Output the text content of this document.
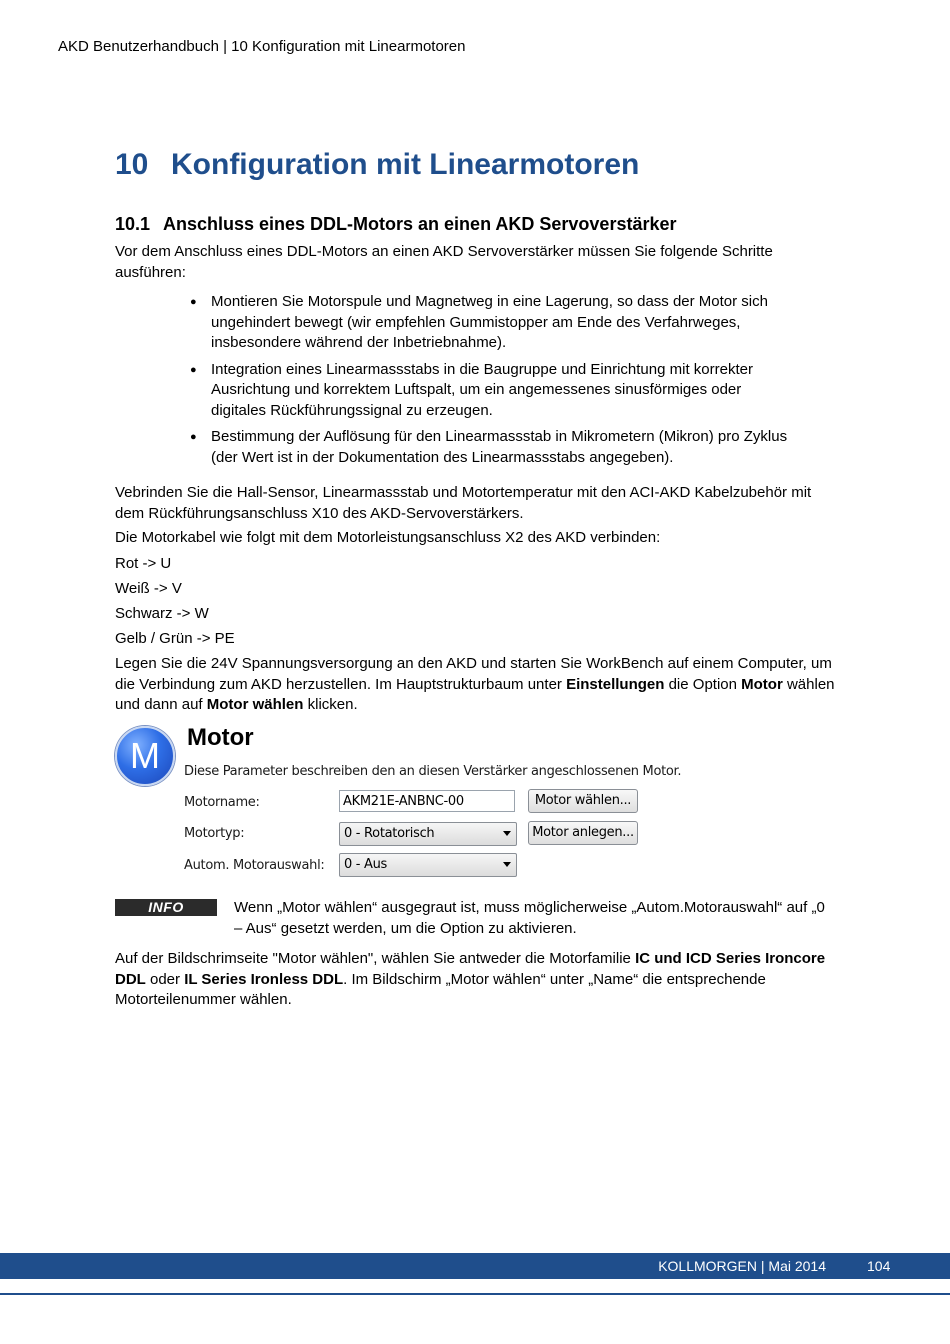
AKD Benutzerhandbuch | 10 Konfiguration mit Linearmotoren
10 Konfiguration mit Linearmotoren
10.1 Anschluss eines DDL-Motors an einen AKD Servoverstärker

Vor dem Anschluss eines DDL-Motors an einen AKD Servoverstärker müssen Sie folgende Schritte ausführen:

● Montieren Sie Motorspule und Magnetweg in eine Lagerung, so dass der Motor sich ungehindert bewegt (wir empfehlen Gummistopper am Ende des Verfahrweges, insbesondere während der Inbetriebnahme).
● Integration eines Linearmassstabs in die Baugruppe und Einrichtung mit korrekter Ausrichtung und korrektem Luftspalt, um ein angemessenes sinusförmiges oder digitales Rückführungssignal zu erzeugen.
● Bestimmung der Auflösung für den Linearmassstab in Mikrometern (Mikron) pro Zyklus (der Wert ist in der Dokumentation des Linearmassstabs angegeben).

Vebrinden Sie die Hall-Sensor, Linearmassstab und Motortemperatur mit den ACI-AKD Kabelzubehör mit dem Rückführungsanschluss X10 des AKD-Servoverstärkers.

Die Motorkabel wie folgt mit dem Motorleistungsanschluss X2 des AKD verbinden:

Rot -> U

Weiß -> V

Schwarz -> W

Gelb / Grün -> PE

Legen Sie die 24V Spannungsversorgung an den AKD und starten Sie WorkBench auf einem Computer, um die Verbindung zum AKD herzustellen. Im Hauptstrukturbaum unter Einstellungen die Option Motor wählen und dann auf Motor wählen klicken.

M	Motor
Diese Parameter beschreiben den an diesen Verstärker angeschlossenen Motor.
Motorname:	AKM21E-ANBNC-00	Motor wählen...
Motortyp:	0 - Rotatorisch	Motor anlegen...
Autom. Motorauswahl:	0 - Aus
INFO	Wenn „Motor wählen“ ausgegraut ist, muss möglicherweise „Autom.Motorauswahl“ auf „0 – Aus“ gesetzt werden, um die Option zu aktivieren.

Auf der Bildschrimseite "Motor wählen", wählen Sie antweder die Motorfamilie IC und ICD Series Ironcore DDL oder IL Series Ironless DDL. Im Bildschirm „Motor wählen“ unter „Name“ die entsprechende Motorteilenummer wählen.

KOLLMORGEN | Mai 2014	104
